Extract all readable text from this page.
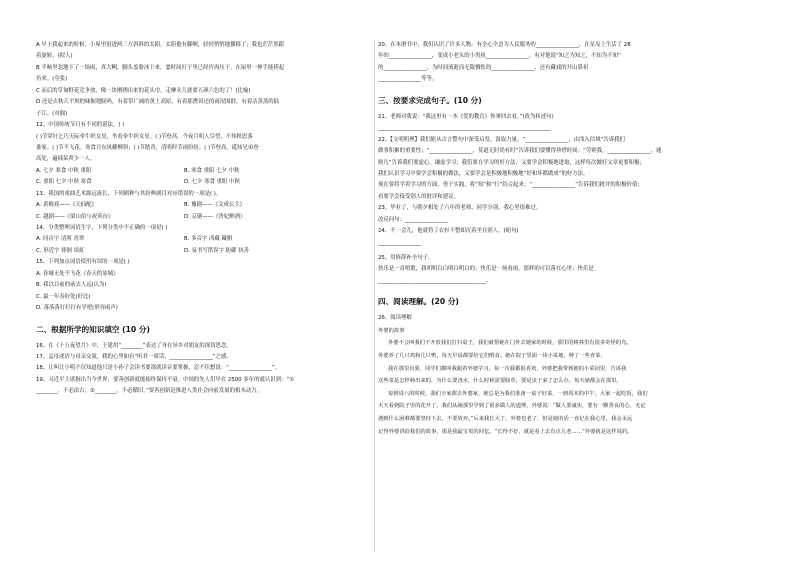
A 早上我起来的时候，小屋里射进两三方斜斜的太阳。太阳他有脚啊，轻轻悄悄地挪移了；我也茫茫然跟
着旋转。(拟人)
B 半晌里忽地下了一场雨，真大啊，脚头盖脸冰下来，霎时间打于里已经泻再压于，在屋里一伸手能捞起
鱼来。(夸张)
C 而后的草甸野花竞争放，像一块刚绣出来的花头巾，走摩永儿就要五颜六色的了！(比喻)
D 还是去秋天平坝的味握翅膀吗，有着带广阔的黄土高原，有着那熏田还的雨况围群，有着洁蒸蒸的陆
子江。(对偶)
12、中国传统节日有不同的说法。( )
( )节穿针乞巧天际牵牛织女星，坐看牵牛织女星。( )节登高，今夜月明人尽望，不知秋思落
谁家。( )节不飞花。寒食日东风御柳斜；( )节踏青，清明时节雨纷纷。( )节登高，遥知兄弟登
高处，遍插茱萸少一人。
A. 七夕 寒食 中秋 重阳	B. 寒食 重阳 七夕 中秋
C. 重阳 七夕 中秋 寒食	D. 七夕 寒食 重阳 中秋
13、我国的戏曲艺术源远流长，下列剧种与其经典剧目对应错误的一项是( )。
A. 黄梅戏——《天仙配》	B. 豫剧——《文成公主》
C. 越剧——《梁山伯与祝英台》	D. 京剧——《贵妃醉酒》
14、分类整理词语生字，下列分类中不正确的一项是( )
A. 同音字 清照 青翠	B. 多音字 西藏 藏棋
C. 形近字 徘徊 谈虹	D. 易书写错误字 防御 执善
15、下列加点词语使用有误的一项是( )
A. 春城无处不飞花《春天的原城》
B. 我以目前的前去人远(认为)
C. 最一年春好处(好比)
D. 落落落打打打有学吧(形容雨声)
二、根据所学的知识填空 (10 分)
16、在《十五夜望月》中，王建用“________”表达了身在异乡对朋友的深切思念。
17、孟母成语与母亲交流，我的心里如有“听君一席话，________________”之感。
18、让叫让小明不仅知道他只是小孙子会读书要那就读音要掌握，忍不住想说：“________________”。
19、习近平主席指出当今世界，要善创新就能始终保持不衰。中国的先人们早在 2500 多年的就认识到：“①
________，不必法古；②________，不必循旧。”要善创新是推进人类社会向前发展的根本动力。
20、在本册书中，我们认识了许多人物。有全心全意为人民服务的________________，在星岛上生活了 28
年的________________，变成小老头的小男孩________________，有对他说“知之为知之，不知为不知”
的________________，为时间流逝而无限惆怅的________________，还有藏戏的开山鼻祖
________________等等。
三、按要求完成句子。(10 分)
21、老师对我说：“我这里有一本《爱的教育》你拿回去看。”(改为转述句)
________________________________________________________________
22、【文明明理】我们能从古言警句中深受启发，汲取力量。“________________，由浅入信域”告诉我们
做事积累的重要性；“________________，莫道无时尚有时”告诉我们要懂得珍惜时间；“劳则我，________________，通
则凡”告诉我们要虚心、谦虚学习；我们要在学习的好方法，又要学会积极地进取，这样每次做好文章更要积极；
我们认识学习中要学会积极的做法，又要学会是积极地积极地“好和坏都做成”的好方法。
现在要将学着学习的方面，勇于实践，将“知”和“行”结合起来；“________________”告诉我们批评的积极价值；
看要学会接受别人的批评和建议。
23、毕业了，与朝夕相处了六年的老师、同学分别，我心里很难过。
改反问句：________________
24、不一会儿，他就将了衣衫不整却沉着坐在别人。(缩句)
________________
25、用修辞补全句子。
快乐是一首明歌，我明明白白明白明白的；快乐是一场看雨，那样的可以落在心里；快乐是
________________________________________。
四、阅读理解。(20 分)
26、阅读理解
外婆的故事
外婆不会叫我们不开放我们打扫桌子，我们就帮她在门外去她家的时候，那里的树林里有很多奇怪的鸟。
外婆养了几只鸡和几只鸭，每天早晨都要给它们喂食。她在院子里面一块小菜地，种了一些青菜，
我在那里玩耍，同学们都叫我跟着外婆学习，每一次我都很喜欢，外婆把我带到她的小菜园里，告诉我
这些菜是怎样种出来的，为什么要浇水，什么时候需要除草，要是虫子来了怎么办，每天她都会在那里。
每到周六的时候，我们全家都去外婆家，她总是为我们准备一桌子好菜，一到周末的中午，大家一起吃饭，我们
天天看到院子里的花开了，我们从她那里学到了很多做人的道理，外婆说：“做人要诚实，要有一颗善良的心，无论
遇到什么困难都要坚持下去，不要放弃。”后来我长大了，外婆也老了，但是她的话一直记在我心里，我会永远
记得外婆讲给我们的故事，那是我最宝贵的回忆。“长得不好，就是看上去有点儿老……”外婆就是这样说的。
